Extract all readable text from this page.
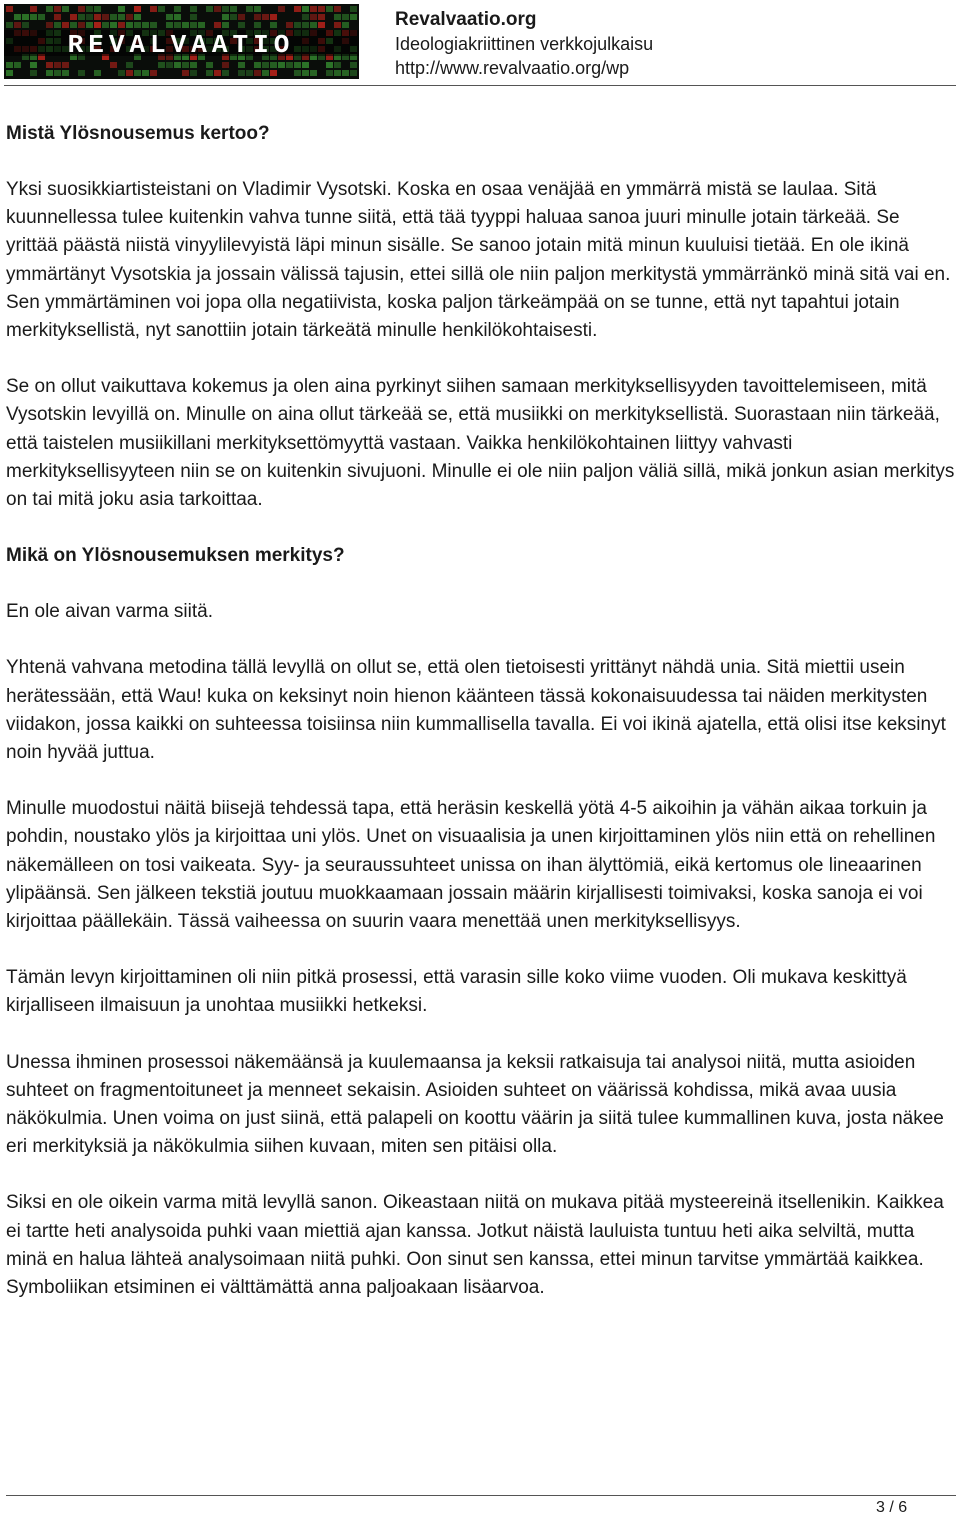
REVALVAATIO
Revalvaatio.org
Ideologiakriittinen verkkojulkaisu
http://www.revalvaatio.org/wp
Mistä Ylösnousemus kertoo?

Yksi suosikkiartisteistani on Vladimir Vysotski. Koska en osaa venäjää en ymmärrä mistä se laulaa. Sitä kuunnellessa tulee kuitenkin vahva tunne siitä, että tää tyyppi haluaa sanoa juuri minulle jotain tärkeää. Se yrittää päästä niistä vinyylilevyistä läpi minun sisälle. Se sanoo jotain mitä minun kuuluisi tietää. En ole ikinä ymmärtänyt Vysotskia ja jossain välissä tajusin, ettei sillä ole niin paljon merkitystä ymmärränkö minä sitä vai en. Sen ymmärtäminen voi jopa olla negatiivista, koska paljon tärkeämpää on se tunne, että nyt tapahtui jotain merkityksellistä, nyt sanottiin jotain tärkeätä minulle henkilökohtaisesti.

Se on ollut vaikuttava kokemus ja olen aina pyrkinyt siihen samaan merkityksellisyyden tavoittelemiseen, mitä Vysotskin levyillä on. Minulle on aina ollut tärkeää se, että musiikki on merkityksellistä. Suorastaan niin tärkeää, että taistelen musiikillani merkityksettömyyttä vastaan. Vaikka henkilökohtainen liittyy vahvasti merkityksellisyyteen niin se on kuitenkin sivujuoni. Minulle ei ole niin paljon väliä sillä, mikä jonkun asian merkitys on tai mitä joku asia tarkoittaa.

Mikä on Ylösnousemuksen merkitys?

En ole aivan varma siitä.

Yhtenä vahvana metodina tällä levyllä on ollut se, että olen tietoisesti yrittänyt nähdä unia. Sitä miettii usein herätessään, että Wau! kuka on keksinyt noin hienon käänteen tässä kokonaisuudessa tai näiden merkitysten viidakon, jossa kaikki on suhteessa toisiinsa niin kummallisella tavalla. Ei voi ikinä ajatella, että olisi itse keksinyt noin hyvää juttua.

Minulle muodostui näitä biisejä tehdessä tapa, että heräsin keskellä yötä 4-5 aikoihin ja vähän aikaa torkuin ja pohdin, noustako ylös ja kirjoittaa uni ylös. Unet on visuaalisia ja unen kirjoittaminen ylös niin että on rehellinen näkemälleen on tosi vaikeata. Syy- ja seuraussuhteet unissa on ihan älyttömiä, eikä kertomus ole lineaarinen ylipäänsä. Sen jälkeen tekstiä joutuu muokkaamaan jossain määrin kirjallisesti toimivaksi, koska sanoja ei voi kirjoittaa päällekäin. Tässä vaiheessa on suurin vaara menettää unen merkityksellisyys.

Tämän levyn kirjoittaminen oli niin pitkä prosessi, että varasin sille koko viime vuoden. Oli mukava keskittyä kirjalliseen ilmaisuun ja unohtaa musiikki hetkeksi.

Unessa ihminen prosessoi näkemäänsä ja kuulemaansa ja keksii ratkaisuja tai analysoi niitä, mutta asioiden suhteet on fragmentoituneet ja menneet sekaisin. Asioiden suhteet on väärissä kohdissa, mikä avaa uusia näkökulmia. Unen voima on just siinä, että palapeli on koottu väärin ja siitä tulee kummallinen kuva, josta näkee eri merkityksiä ja näkökulmia siihen kuvaan, miten sen pitäisi olla.

Siksi en ole oikein varma mitä levyllä sanon. Oikeastaan niitä on mukava pitää mysteereinä itsellenikin. Kaikkea ei tartte heti analysoida puhki vaan miettiä ajan kanssa. Jotkut näistä lauluista tuntuu heti aika selviltä, mutta minä en halua lähteä analysoimaan niitä puhki. Oon sinut sen kanssa, ettei minun tarvitse ymmärtää kaikkea. Symboliikan etsiminen ei välttämättä anna paljoakaan lisäarvoa.

3 / 6
